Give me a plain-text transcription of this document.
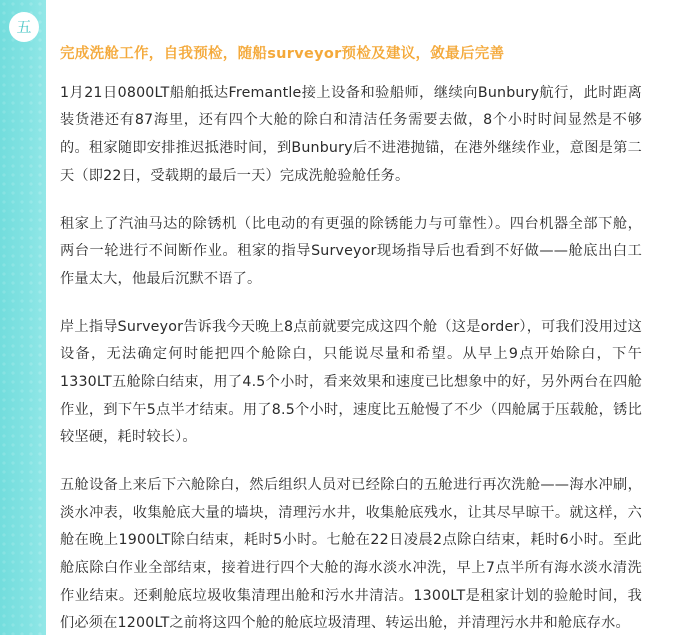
五
完成洗舱工作，自我预检，随船surveyor预检及建议，敛最后完善

1月21日0800LT船舶抵达Fremantle接上设备和验船师，继续向Bunbury航行，此时距离装货港还有87海里，还有四个大舱的除白和清洁任务需要去做，8个小时时间显然是不够的。租家随即安排推迟抵港时间，到Bunbury后不进港抛锚，在港外继续作业，意图是第二天（即22日，受载期的最后一天）完成洗舱验舱任务。

租家上了汽油马达的除锈机（比电动的有更强的除锈能力与可靠性）。四台机器全部下舱，两台一轮进行不间断作业。租家的指导Surveyor现场指导后也看到不好做——舱底出白工作量太大，他最后沉默不语了。

岸上指导Surveyor告诉我今天晚上8点前就要完成这四个舱（这是order），可我们没用过这设备，无法确定何时能把四个舱除白，只能说尽量和希望。从早上9点开始除白，下午1330LT五舱除白结束，用了4.5个小时，看来效果和速度已比想象中的好，另外两台在四舱作业，到下午5点半才结束。用了8.5个小时，速度比五舱慢了不少（四舱属于压载舱，锈比较坚硬，耗时较长）。

五舱设备上来后下六舱除白，然后组织人员对已经除白的五舱进行再次洗舱——海水冲刷，淡水冲表，收集舱底大量的墙块，清理污水井，收集舱底残水，让其尽早晾干。就这样，六舱在晚上1900LT除白结束，耗时5小时。七舱在22日凌晨2点除白结束，耗时6小时。至此舱底除白作业全部结束，接着进行四个大舱的海水淡水冲洗，早上7点半所有海水淡水清洗作业结束。还剩舱底垃圾收集清理出舱和污水井清洁。1300LT是租家计划的验舱时间，我们必须在1200LT之前将这四个舱的舱底垃圾清理、转运出舱，并清理污水井和舱底存水。
